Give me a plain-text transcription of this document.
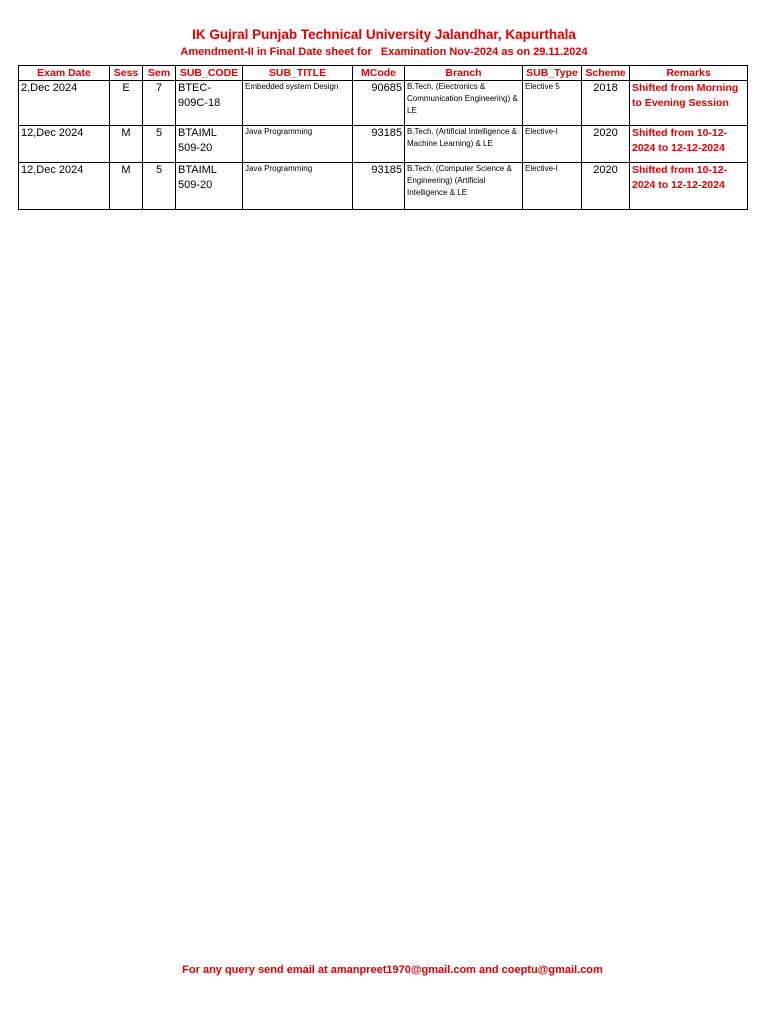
IK Gujral Punjab Technical University Jalandhar, Kapurthala
Amendment-II in Final Date sheet for   Examination Nov-2024 as on 29.11.2024
Exam Date	Sess	Sem	SUB_CODE	SUB_TITLE	MCode	Branch	SUB_Type	Scheme	Remarks
2,Dec 2024	E	7	BTEC-909C-18	Embedded system Design	90685	B.Tech. (Electronics & Communication Engineering) & LE	Elective 5	2018	Shifted from Morning to Evening Session
12,Dec 2024	M	5	BTAIML 509-20	Java Programming	93185	B.Tech. (Artificial Intelligence & Machine Learning) & LE	Elective-I	2020	Shifted from 10-12-2024 to 12-12-2024
12,Dec 2024	M	5	BTAIML 509-20	Java Programming	93185	B.Tech. (Computer Science & Engineering) (Artificial Intelligence & LE	Elective-I	2020	Shifted from 10-12-2024 to 12-12-2024
For any query send email at amanpreet1970@gmail.com and coeptu@gmail.com
